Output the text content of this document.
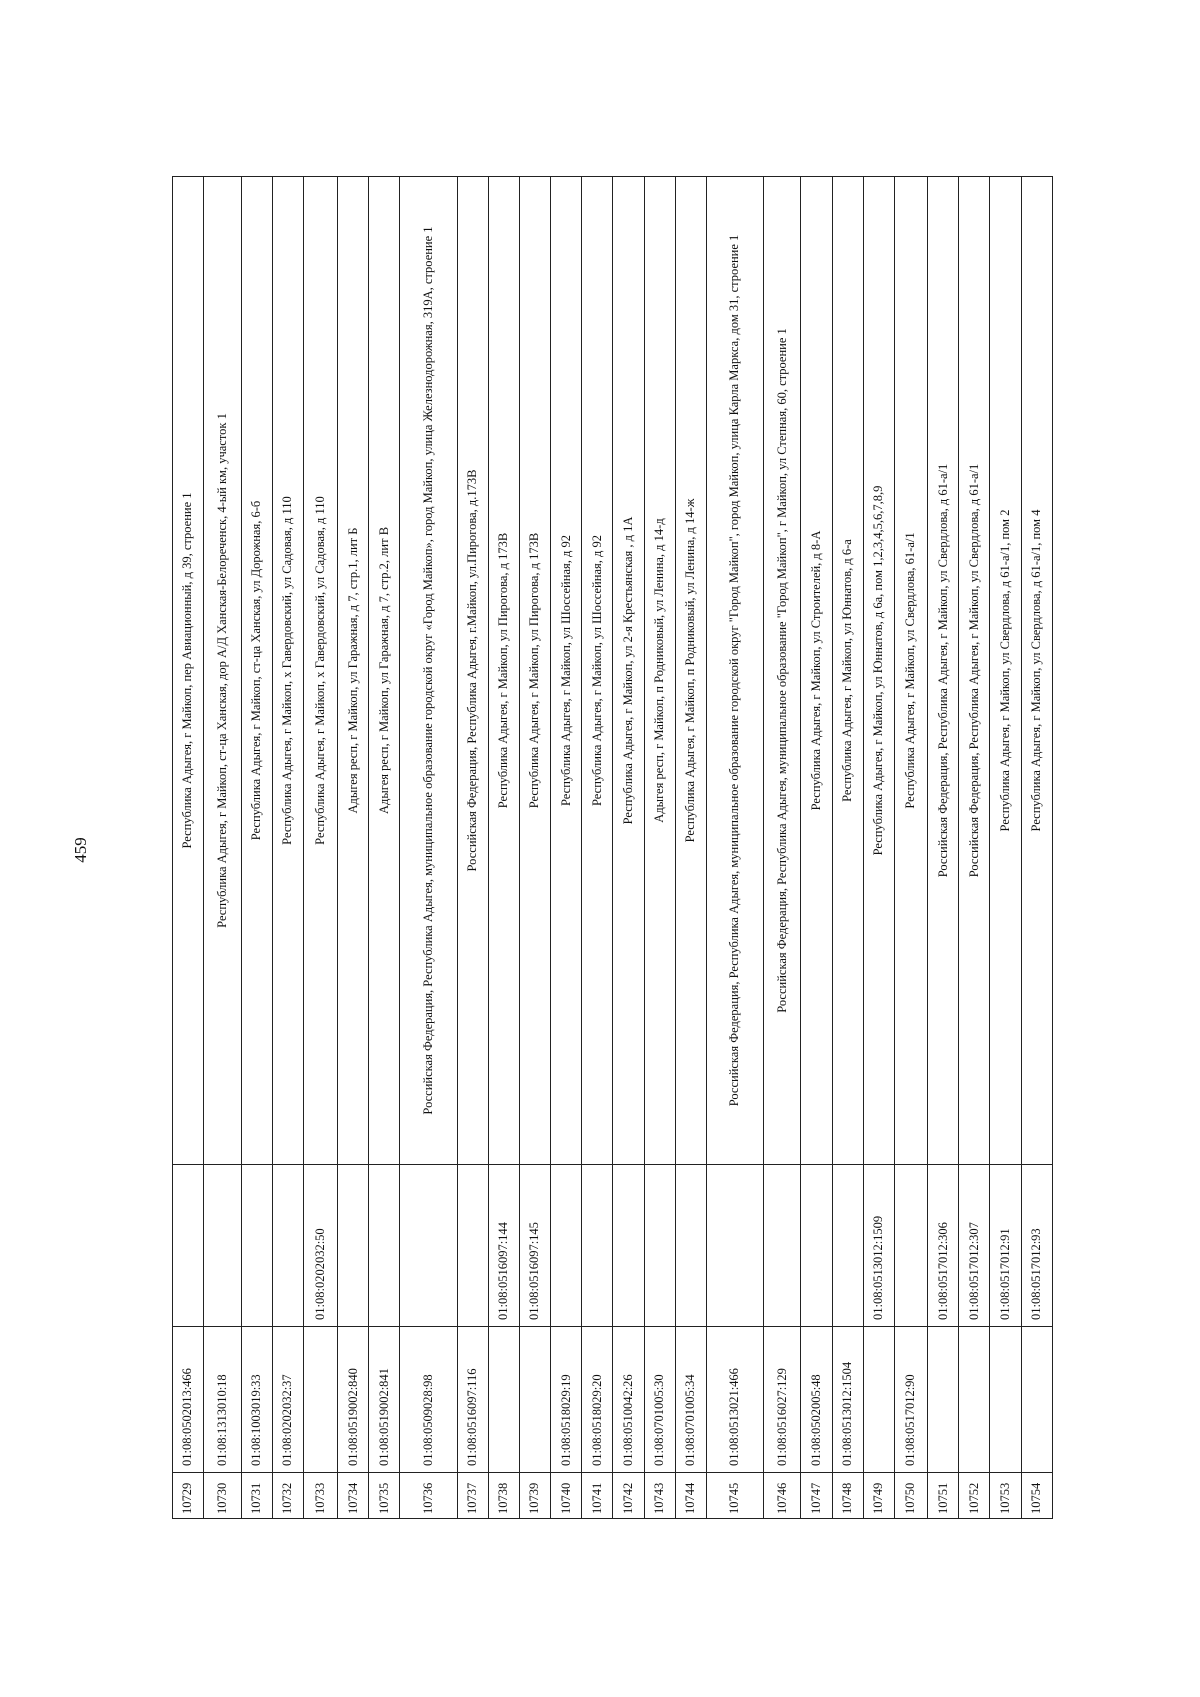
459
10729	01:08:0502013:466		Республика Адыгея, г Майкоп, пер Авиационный, д 39, строение 1
10730	01:08:1313010:18		Республика Адыгея, г Майкоп, ст-ца Ханская, дор А/Д Ханская-Белореченск, 4-ый км, участок 1
10731	01:08:1003019:33		Республика Адыгея, г Майкоп, ст-ца Ханская, ул Дорожная, 6-б
10732	01:08:0202032:37		Республика Адыгея, г Майкоп, х Гавердовский, ул Садовая, д 110
10733		01:08:0202032:50	Республика Адыгея, г Майкоп, х Гавердовский, ул Садовая, д 110
10734	01:08:0519002:840		Адыгея респ, г Майкоп, ул Гаражная, д 7, стр.1, лит Б
10735	01:08:0519002:841		Адыгея респ, г Майкоп, ул Гаражная, д 7, стр.2, лит В
10736	01:08:0509028:98		Российская Федерация, Республика Адыгея, муниципальное образование городской округ «Город Майкоп», город Майкоп, улица Железнодорожная, 319А, строение 1
10737	01:08:0516097:116		Российская Федерация, Республика Адыгея, г.Майкоп, ул.Пирогова, д.173В
10738		01:08:0516097:144	Республика Адыгея, г Майкоп, ул Пирогова, д 173В
10739		01:08:0516097:145	Республика Адыгея, г Майкоп, ул Пирогова, д 173В
10740	01:08:0518029:19		Республика Адыгея, г Майкоп, ул Шоссейная, д 92
10741	01:08:0518029:20		Республика Адыгея, г Майкоп, ул Шоссейная, д 92
10742	01:08:0510042:26		Республика Адыгея, г Майкоп, ул 2-я Крестьянская , д 1А
10743	01:08:0701005:30		Адыгея респ, г Майкоп, п Родниковый, ул Ленина, д 14-д
10744	01:08:0701005:34		Республика Адыгея, г Майкоп, п Родниковый, ул Ленина, д 14-ж
10745	01:08:0513021:466		Российская Федерация, Республика Адыгея, муниципальное образование городской округ "Город Майкоп", город Майкоп, улица Карла Маркса, дом 31, строение 1
10746	01:08:0516027:129		Российская Федерация, Республика Адыгея, муниципальное образование "Город Майкоп", г Майкоп, ул Степная, 60, строение 1
10747	01:08:0502005:48		Республика Адыгея, г Майкоп, ул Строителей, д 8-А
10748	01:08:0513012:1504		Республика Адыгея, г Майкоп, ул Юннатов, д 6-а
10749		01:08:0513012:1509	Республика Адыгея, г Майкоп, ул Юннатов, д 6а, пом 1,2,3,4,5,6,7,8,9
10750	01:08:0517012:90		Республика Адыгея, г Майкоп, ул Свердлова, 61-а/1
10751		01:08:0517012:306	Российская Федерация, Республика Адыгея, г Майкоп, ул Свердлова, д 61-а/1
10752		01:08:0517012:307	Российская Федерация, Республика Адыгея, г Майкоп, ул Свердлова, д 61-а/1
10753		01:08:0517012:91	Республика Адыгея, г Майкоп, ул Свердлова, д 61-а/1, пом 2
10754		01:08:0517012:93	Республика Адыгея, г Майкоп, ул Свердлова, д 61-а/1, пом 4
